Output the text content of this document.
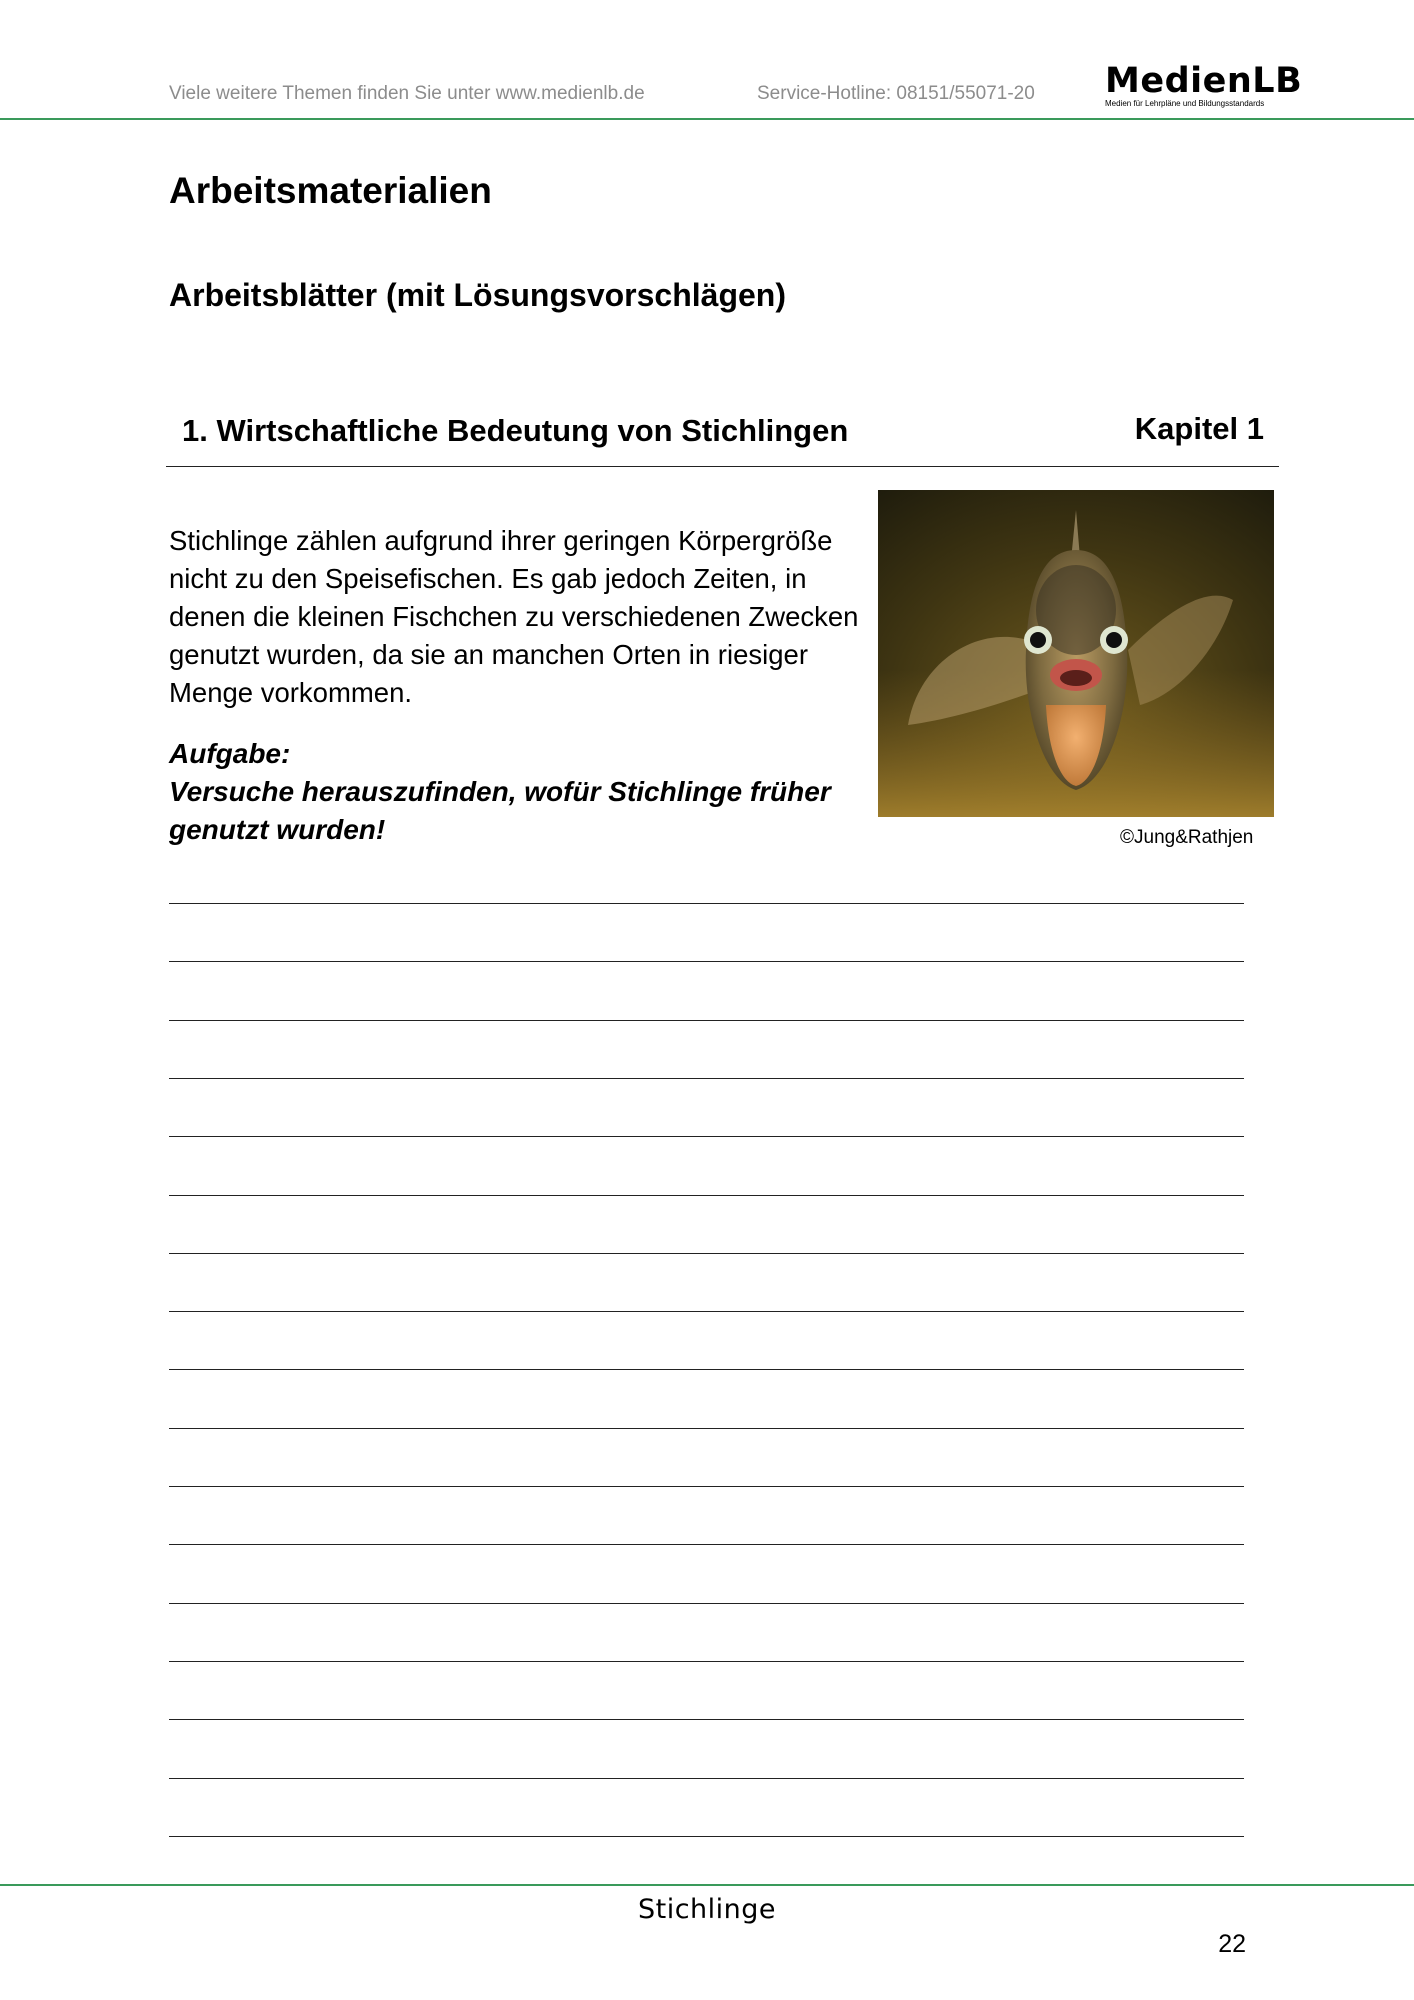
Viele weitere Themen finden Sie unter www.medienlb.de	Service-Hotline: 08151/55071-20 MedienLB
Medien für Lehrpläne und Bildungsstandards
Arbeitsmaterialien
Arbeitsblätter (mit Lösungsvorschlägen)
1. Wirtschaftliche Bedeutung von Stichlingen	Kapitel 1
Stichlinge zählen aufgrund ihrer geringen Körpergröße nicht zu den Speisefischen. Es gab jedoch Zeiten, in denen die kleinen Fischchen zu verschiedenen Zwecken genutzt wurden, da sie an manchen Orten in riesiger Menge vorkommen.
Aufgabe:
Versuche herauszufinden, wofür Stichlinge früher genutzt wurden!	©Jung&Rathjen
Stichlinge
22
